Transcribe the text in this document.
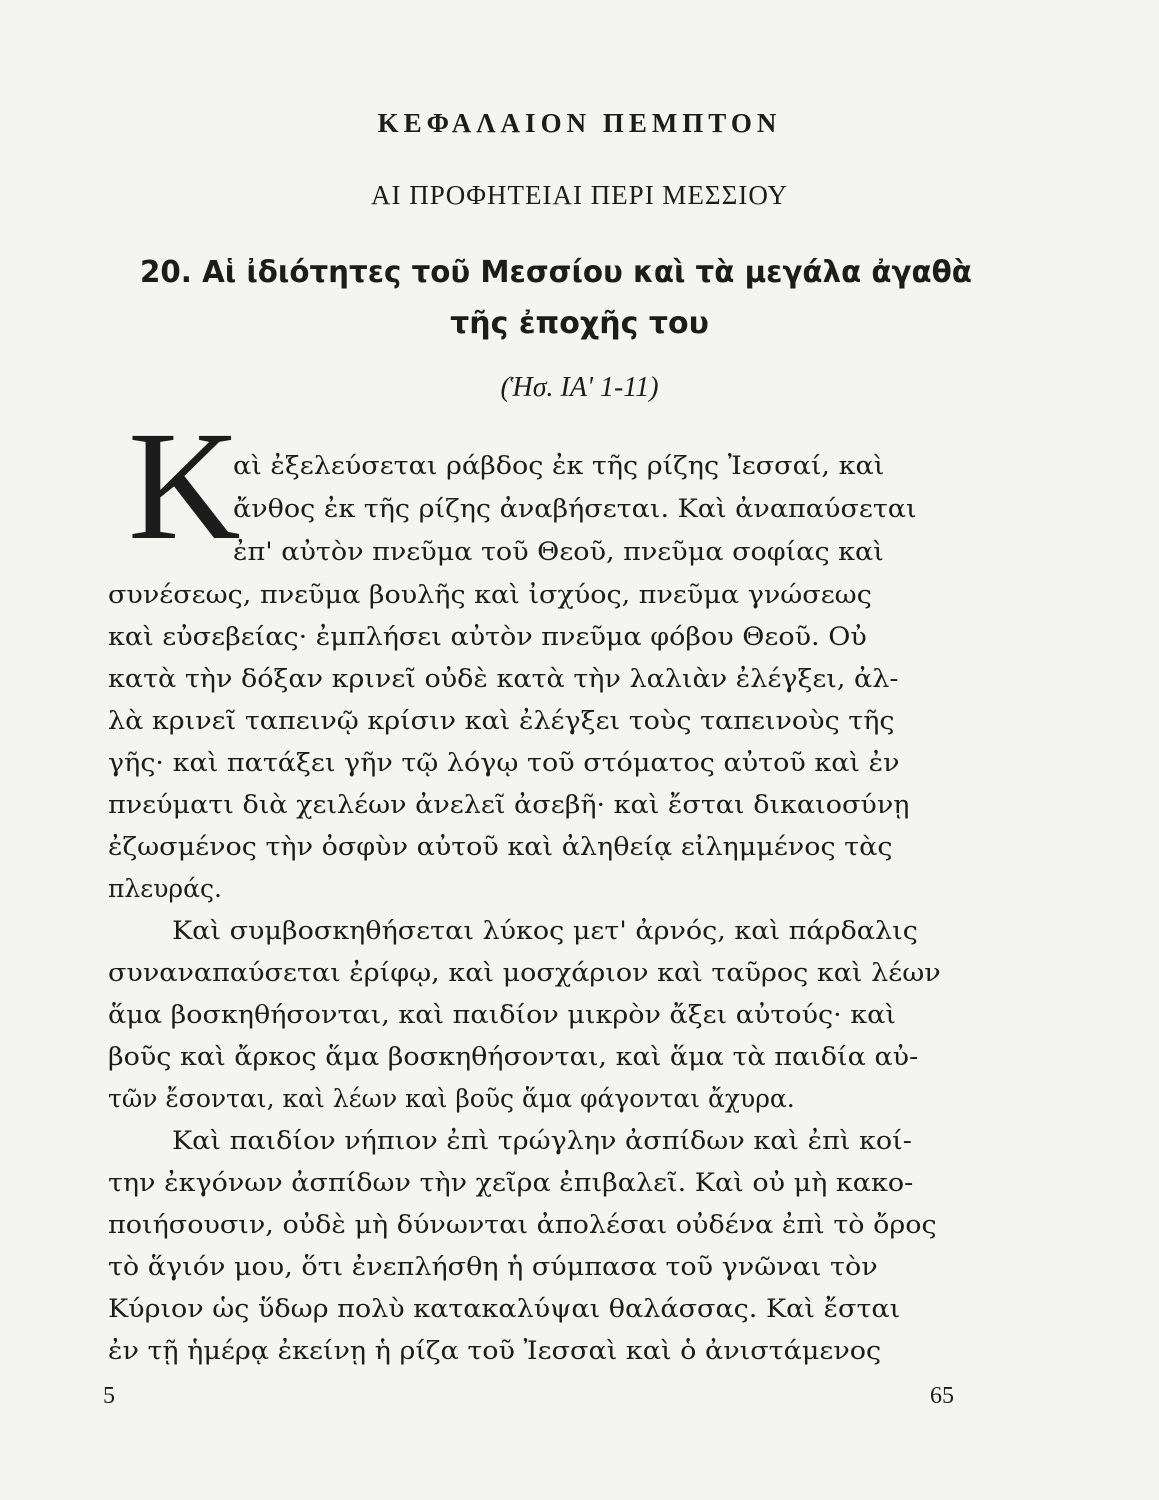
ΚΕΦΑΛΑΙΟΝ ΠΕΜΠΤΟΝ
ΑΙ ΠΡΟΦΗΤΕΙΑΙ ΠΕΡΙ ΜΕΣΣΙΟΥ
20. Αἱ ἰδιότητες τοῦ Μεσσίου καὶ τὰ μεγάλα ἀγαθὰ
τῆς ἐποχῆς του
(Ἡσ. ΙΑ' 1-11)
Κ
αὶ ἐξελεύσεται ράβδος ἐκ τῆς ρίζης Ἰεσσαί, καὶ
ἄνθος ἐκ τῆς ρίζης ἀναβήσεται. Καὶ ἀναπαύσεται
ἐπ' αὐτὸν πνεῦμα τοῦ Θεοῦ, πνεῦμα σοφίας καὶ
συνέσεως, πνεῦμα βουλῆς καὶ ἰσχύος, πνεῦμα γνώσεως
καὶ εὐσεβείας· ἐμπλήσει αὐτὸν πνεῦμα φόβου Θεοῦ. Οὐ
κατὰ τὴν δόξαν κρινεῖ οὐδὲ κατὰ τὴν λαλιὰν ἐλέγξει, ἀλ-
λὰ κρινεῖ ταπεινῷ κρίσιν καὶ ἐλέγξει τοὺς ταπεινοὺς τῆς
γῆς· καὶ πατάξει γῆν τῷ λόγῳ τοῦ στόματος αὐτοῦ καὶ ἐν
πνεύματι διὰ χειλέων ἀνελεῖ ἀσεβῆ· καὶ ἔσται δικαιοσύνῃ
ἐζωσμένος τὴν ὀσφὺν αὐτοῦ καὶ ἀληθείᾳ εἰλημμένος τὰς
πλευράς.
Καὶ συμβοσκηθήσεται λύκος μετ' ἀρνός, καὶ πάρδαλις
συναναπαύσεται ἐρίφῳ, καὶ μοσχάριον καὶ ταῦρος καὶ λέων
ἅμα βοσκηθήσονται, καὶ παιδίον μικρὸν ἄξει αὐτούς· καὶ
βοῦς καὶ ἄρκος ἅμα βοσκηθήσονται, καὶ ἅμα τὰ παιδία αὐ-
τῶν ἔσονται, καὶ λέων καὶ βοῦς ἅμα φάγονται ἄχυρα.
Καὶ παιδίον νήπιον ἐπὶ τρώγλην ἀσπίδων καὶ ἐπὶ κοί-
την ἐκγόνων ἀσπίδων τὴν χεῖρα ἐπιβαλεῖ. Καὶ οὐ μὴ κακο-
ποιήσουσιν, οὐδὲ μὴ δύνωνται ἀπολέσαι οὐδένα ἐπὶ τὸ ὄρος
τὸ ἅγιόν μου, ὅτι ἐνεπλήσθη ἡ σύμπασα τοῦ γνῶναι τὸν
Κύριον ὡς ὕδωρ πολὺ κατακαλύψαι θαλάσσας. Καὶ ἔσται
ἐν τῇ ἡμέρᾳ ἐκείνῃ ἡ ρίζα τοῦ Ἰεσσαὶ καὶ ὁ ἀνιστάμενος
5	65
